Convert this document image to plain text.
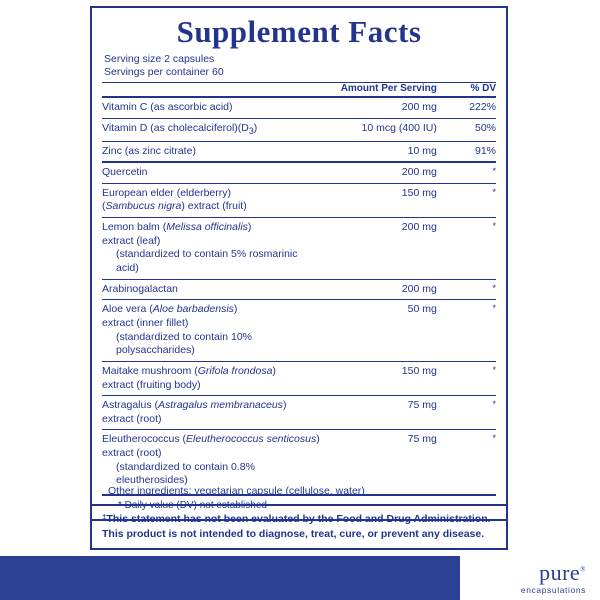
Supplement Facts
Serving size 2 capsules
Servings per container 60
	Amount Per Serving	% DV
Vitamin C (as ascorbic acid)	200 mg	222%
Vitamin D (as $cholecalciferol)(D_3)$	10 mcg (400 IU)	50%
Zinc (as zinc citrate)	10 mg	91%
Quercetin	200 mg	*
European elder (elderberry)
(Sambucus nigra) extract (fruit)	150 mg	*
Lemon balm (Melissa officinalis)
extract (leaf)
(standardized to contain 5% rosmarinic acid)	200 mg	*
Arabinogalactan	200 mg	*
Aloe vera (Aloe barbadensis)
extract (inner fillet)
(standardized to contain 10% polysaccharides)	50 mg	*
Maitake mushroom (Grifola frondosa)
extract (fruiting body)	150 mg	*
Astragalus (Astragalus membranaceus)
extract (root)	75 mg	*
Eleutherococcus (Eleutherococcus senticosus)
extract (root)
(standardized to contain 0.8% eleutherosides)	75 mg	*
* Daily value (DV) not established
Other ingredients: vegetarian capsule (cellulose, water)
‡This statement has not been evaluated by the Food and Drug Administration.
This product is not intended to diagnose, treat, cure, or prevent any disease.
pure®
encapsulations
